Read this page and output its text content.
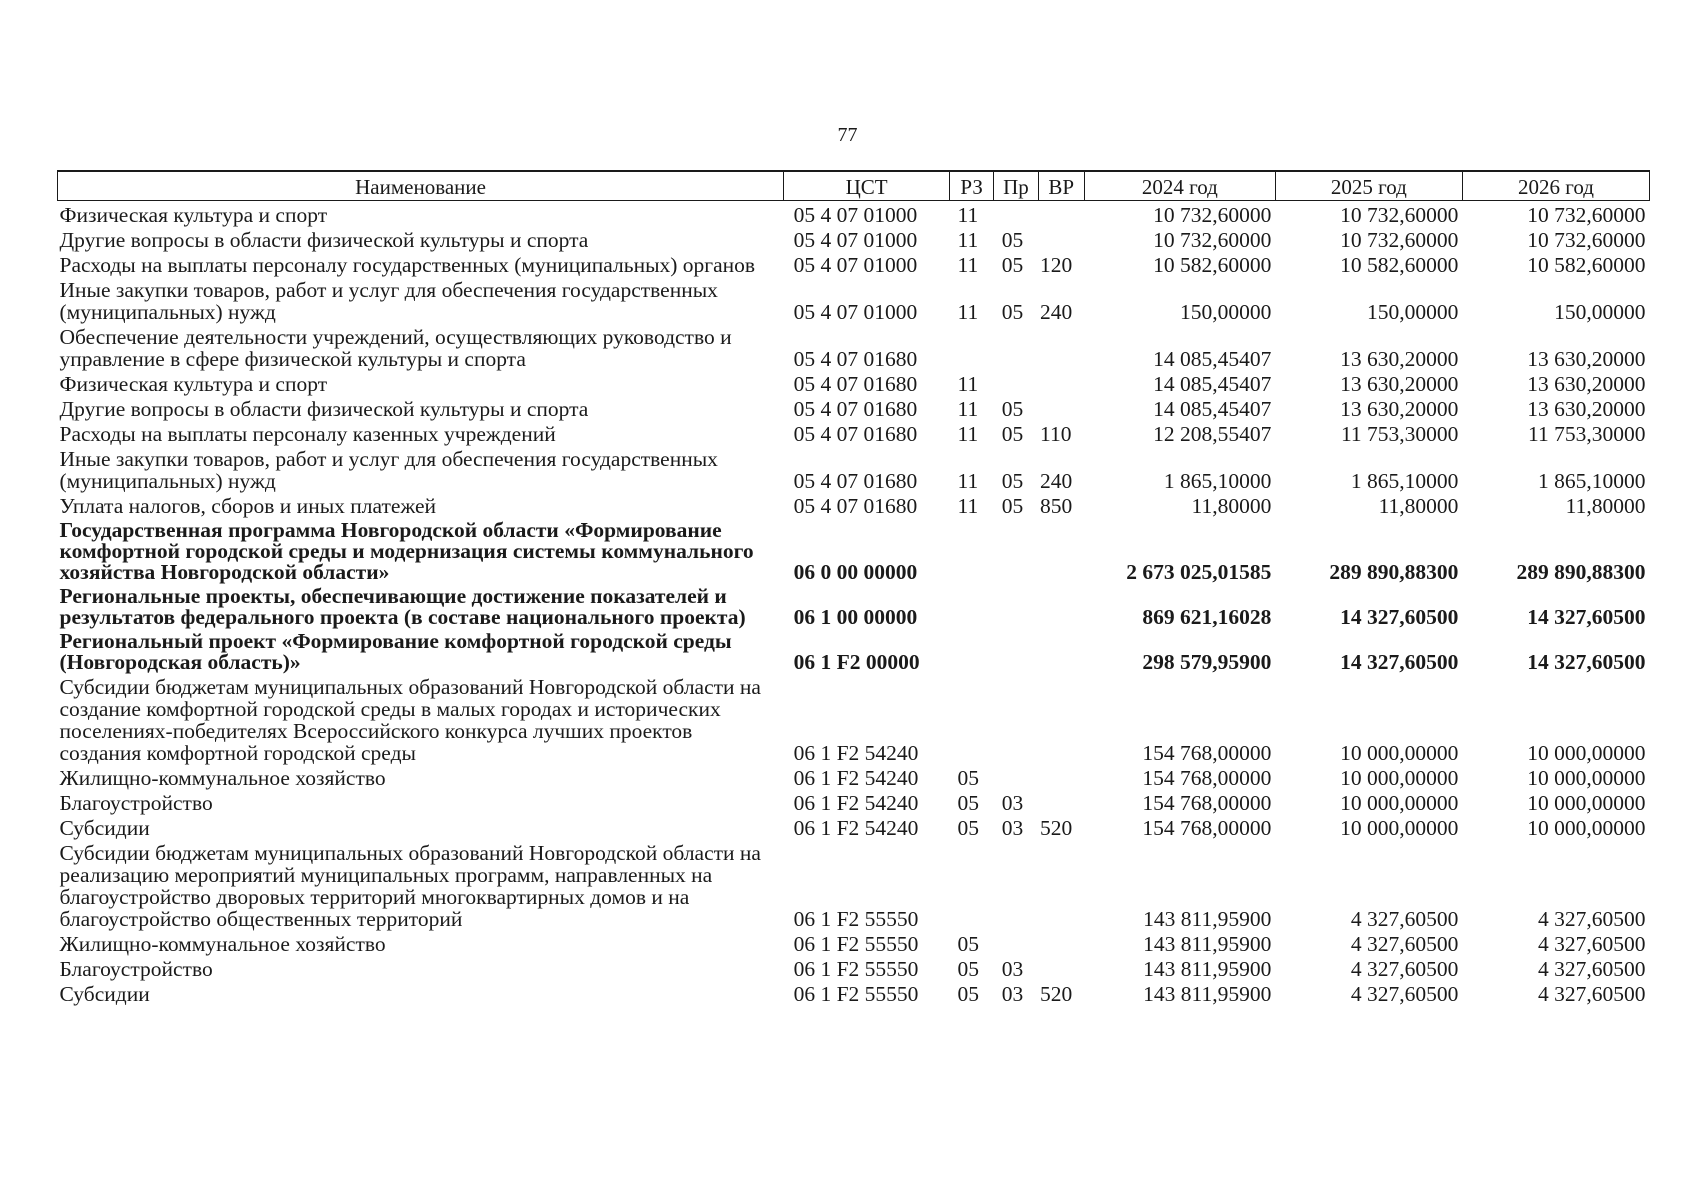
77
Наименование	ЦСТ	РЗ	Пр	ВР	2024 год	2025 год	2026 год
Физическая культура и спорт	05 4 07 01000	11			10 732,60000	10 732,60000	10 732,60000
Другие вопросы в области физической культуры и спорта	05 4 07 01000	11	05		10 732,60000	10 732,60000	10 732,60000
Расходы на выплаты персоналу государственных (муниципальных) органов	05 4 07 01000	11	05	120	10 582,60000	10 582,60000	10 582,60000
Иные закупки товаров, работ и услуг для обеспечения государственных (муниципальных) нужд	05 4 07 01000	11	05	240	150,00000	150,00000	150,00000
Обеспечение деятельности учреждений, осуществляющих руководство и управление в сфере физической культуры и спорта	05 4 07 01680				14 085,45407	13 630,20000	13 630,20000
Физическая культура и спорт	05 4 07 01680	11			14 085,45407	13 630,20000	13 630,20000
Другие вопросы в области физической культуры и спорта	05 4 07 01680	11	05		14 085,45407	13 630,20000	13 630,20000
Расходы на выплаты персоналу казенных учреждений	05 4 07 01680	11	05	110	12 208,55407	11 753,30000	11 753,30000
Иные закупки товаров, работ и услуг для обеспечения государственных (муниципальных) нужд	05 4 07 01680	11	05	240	1 865,10000	1 865,10000	1 865,10000
Уплата налогов, сборов и иных платежей	05 4 07 01680	11	05	850	11,80000	11,80000	11,80000
Государственная программа Новгородской области «Формирование комфортной городской среды и модернизация системы коммунального хозяйства Новгородской области»	06 0 00 00000				2 673 025,01585	289 890,88300	289 890,88300
Региональные проекты, обеспечивающие достижение показателей и результатов федерального проекта (в составе национального проекта)	06 1 00 00000				869 621,16028	14 327,60500	14 327,60500
Региональный проект «Формирование комфортной городской среды (Новгородская область)»	06 1 F2 00000				298 579,95900	14 327,60500	14 327,60500
Субсидии бюджетам муниципальных образований Новгородской области на создание комфортной городской среды в малых городах и исторических поселениях-победителях Всероссийского конкурса лучших проектов создания комфортной городской среды	06 1 F2 54240				154 768,00000	10 000,00000	10 000,00000
Жилищно-коммунальное хозяйство	06 1 F2 54240	05			154 768,00000	10 000,00000	10 000,00000
Благоустройство	06 1 F2 54240	05	03		154 768,00000	10 000,00000	10 000,00000
Субсидии	06 1 F2 54240	05	03	520	154 768,00000	10 000,00000	10 000,00000
Субсидии бюджетам муниципальных образований Новгородской области на реализацию мероприятий муниципальных программ, направленных на благоустройство дворовых территорий многоквартирных домов и на благоустройство общественных территорий	06 1 F2 55550				143 811,95900	4 327,60500	4 327,60500
Жилищно-коммунальное хозяйство	06 1 F2 55550	05			143 811,95900	4 327,60500	4 327,60500
Благоустройство	06 1 F2 55550	05	03		143 811,95900	4 327,60500	4 327,60500
Субсидии	06 1 F2 55550	05	03	520	143 811,95900	4 327,60500	4 327,60500
